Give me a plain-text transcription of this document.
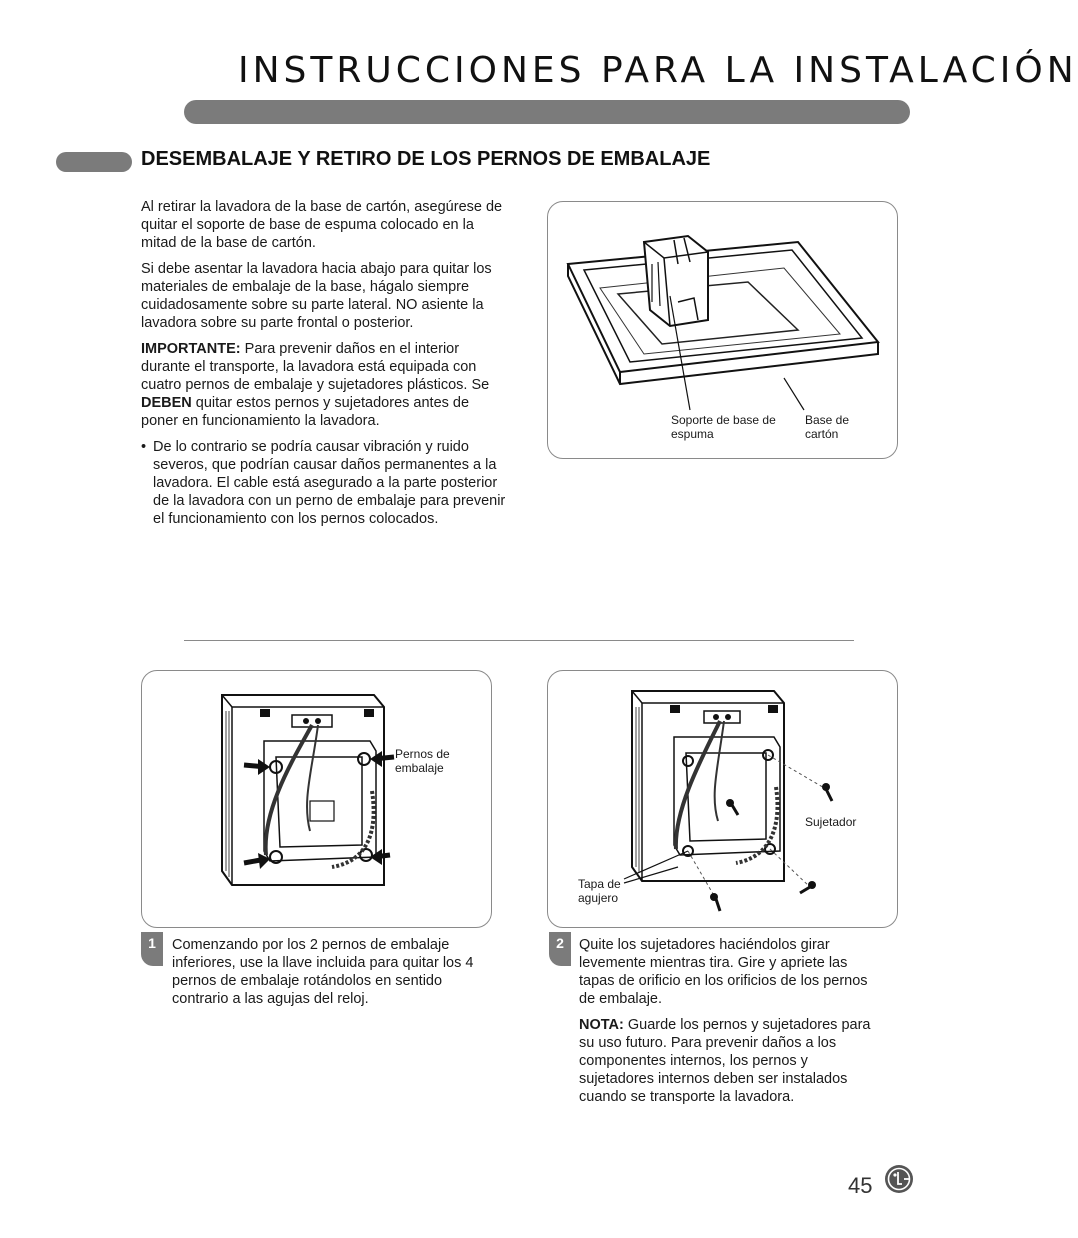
INSTRUCCIONES PARA LA INSTALACIÓN
DESEMBALAJE Y RETIRO DE LOS PERNOS DE EMBALAJE

Al retirar la lavadora de la base de cartón, asegúrese de quitar el soporte de base de espuma colocado en la mitad de la base de cartón.

Si debe asentar la lavadora hacia abajo para quitar los materiales de embalaje de la base, hágalo siempre cuidadosamente sobre su parte lateral. NO asiente la lavadora sobre su parte frontal o posterior.

IMPORTANTE: Para prevenir daños en el interior durante el transporte, la lavadora está equipada con cuatro pernos de embalaje y sujetadores plásticos. Se DEBEN quitar estos pernos y sujetadores antes de poner en funcionamiento la lavadora.

• De lo contrario se podría causar vibración y ruido severos, que podrían causar daños permanentes a la lavadora. El cable está asegurado a la parte posterior de la lavadora con un perno de embalaje para prevenir el funcionamiento con los pernos colocados.
Soporte de base de espuma
Base de cartón
Pernos de embalaje
1	Comenzando por los 2 pernos de embalaje inferiores, use la llave incluida para quitar los 4 pernos de embalaje rotándolos en sentido contrario a las agujas del reloj.
Sujetador
Tapa de agujero
2	Quite los sujetadores haciéndolos girar levemente mientras tira. Gire y apriete las tapas de orificio en los orificios de los pernos de embalaje.

NOTA: Guarde los pernos y sujetadores para su uso futuro. Para prevenir daños a los componentes internos, los pernos y sujetadores internos deben ser instalados cuando se transporte la lavadora.

45
